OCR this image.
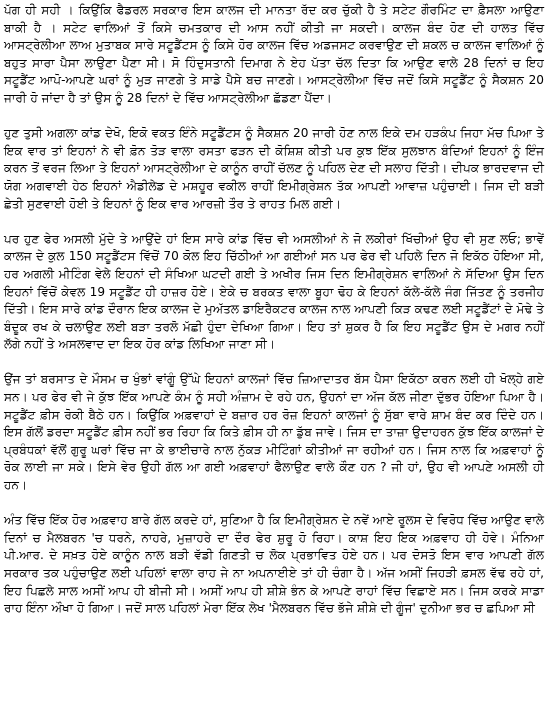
ਪੱਗ ਹੀ ਸਹੀ । ਕਿਉਂਕਿ ਫੈਡਰਲ ਸਰਕਾਰ ਇਸ ਕਾਲਜ ਦੀ ਮਾਨਤਾ ਰੱਦ ਕਰ ਚੁੱਕੀ ਹੈ ਤੇ ਸਟੇਟ ਗੌਰਮਿੰਟ ਦਾ ਫ਼ੈਸਲਾ ਆਉਣਾ ਬਾਕੀ ਹੈ । ਸਟੇਟ ਵਾਲਿਆਂ ਤੋਂ ਕਿਸੇ ਚਮਤਕਾਰ ਦੀ ਆਸ ਨਹੀਂ ਕੀਤੀ ਜਾ ਸਕਦੀ। ਕਾਲਜ ਬੰਦ ਹੋਣ ਦੀ ਹਾਲਤ ਵਿੱਚ ਆਸਟ੍ਰੇਲੀਆ ਲਾਅ ਮੁਤਾਬਕ ਸਾਰੇ ਸਟੂਡੈਂਟਸ ਨੂੰ ਕਿਸੇ ਹੋਰ ਕਾਲਜ ਵਿੱਚ ਅਡਜਸਟ ਕਰਵਾਉਣ ਦੀ ਸ਼ਕਲ ਚ ਕਾਲਜ ਵਾਲਿਆਂ ਨੂੰ ਬਹੁਤ ਸਾਰਾ ਪੈਸਾ ਲਾਉਣਾ ਪੈਣਾ ਸੀ। ਸੋ ਹਿੰਦੁਸਤਾਨੀ ਦਿਮਾਗ ਨੇ ਏਹ ਪੱਤਾ ਚੱਲ ਦਿਤਾ ਕਿ ਆਉਣ ਵਾਲੇ 28 ਦਿਨਾਂ ਚ ਇਹ ਸਟੂਡੈਂਟ ਆਪੋ-ਆਪਣੇ ਘਰਾਂ ਨੂੰ ਮੁੜ ਜਾਣਗੇ ਤੇ ਸਾਡੇ ਪੈਸੇ ਬਚ ਜਾਣਗੇ। ਆਸਟ੍ਰੇਲੀਆ ਵਿੱਚ ਜਦੋਂ ਕਿਸੇ ਸਟੂਡੈਂਟ ਨੂੰ ਸੈਕਸ਼ਨ 20 ਜਾਰੀ ਹੋ ਜਾਂਦਾ ਹੈ ਤਾਂ ਉਸ ਨੂੰ 28 ਦਿਨਾਂ ਦੇ ਵਿੱਚ ਆਸਟ੍ਰੇਲੀਆ ਛੱਡਣਾ ਪੈਂਦਾ।

ਹੁਣ ਤੁਸੀ ਅਗਲਾ ਕਾਂਡ ਦੇਖੋ, ਇਕੋ ਵਕਤ ਇੰਨੇ ਸਟੂਡੈਂਟਸ ਨੂੰ ਸੈਕਸ਼ਨ 20 ਜਾਰੀ ਹੋਣ ਨਾਲ ਇਕੇ ਦਮ ਹੜਕੰਪ ਜਿਹਾ ਮੱਚ ਪਿਆ ਤੇ ਇਕ ਵਾਰ ਤਾਂ ਇਹਨਾਂ ਨੇ ਵੀ ਫ਼ੋਨ ਤੋੜ ਵਾਲਾ ਰਸਤਾ ਫੜਨ ਦੀ ਕੋਸ਼ਿਸ਼ ਕੀਤੀ ਪਰ ਕੁਝ ਇੱਕ ਸੁਲਝਾਨ ਬੰਦਿਆਂ ਇਹਨਾਂ ਨੂੰ ਇੰਜ ਕਰਨ ਤੋਂ ਵਰਜ ਲਿਆ ਤੇ ਇਹਨਾਂ ਆਸਟ੍ਰੇਲੀਆ ਦੇ ਕਾਨੂੰਨ ਰਾਹੀਂ ਚੱਲਣ ਨੂੰ ਪਹਿਲ ਦੇਣ ਦੀ ਸਲਾਹ ਦਿੱਤੀ। ਦੀਪਕ ਭਾਰਦਵਾਜ ਦੀ ਯੋਗ ਅਗਵਾਈ ਹੇਠ ਇਹਨਾਂ ਐਡੀਲੇਡ ਦੇ ਮਸ਼ਹੂਰ ਵਕੀਲ ਰਾਹੀਂ ਇਮੀਗ੍ਰੇਸ਼ਨ ਤੱਕ ਆਪਣੀ ਆਵਾਜ਼ ਪਹੁੰਚਾਈ। ਜਿਸ ਦੀ ਬੜੀ ਛੇਤੀ ਸੁਣਵਾਈ ਹੋਈ ਤੇ ਇਹਨਾਂ ਨੂੰ ਇਕ ਵਾਰ ਆਰਜ਼ੀ ਤੌਰ ਤੇ ਰਾਹਤ ਮਿਲ ਗਈ।

ਪਰ ਹੁਣ ਫੇਰ ਅਸਲੀ ਮੁੱਦੇ ਤੇ ਆਉਂਦੇ ਹਾਂ ਇਸ ਸਾਰੇ ਕਾਂਡ ਵਿੱਚ ਵੀ ਅਸਲੀਆਂ ਨੇ ਜੋ ਲਕੀਰਾਂ ਖਿੱਚੀਆਂ ਉਹ ਵੀ ਸੁਣ ਲਓ; ਭਾਵੇਂ ਕਾਲਜ ਦੇ ਕੁਲ 150 ਸਟੂਡੈਂਟਸ ਵਿੱਚੋਂ 70 ਕੋਲ ਇਹ ਚਿੱਠੀਆਂ ਆ ਗਈਆਂ ਸਨ ਪਰ ਫੇਰ ਵੀ ਪਹਿਲੇ ਦਿਨ ਜੋ ਇਕੱਠ ਹੋਇਆ ਸੀ, ਹਰ ਅਗਲੀ ਮੀਟਿੰਗ ਵੇਲੇ ਇਹਨਾਂ ਦੀ ਸੰਖਿਆ ਘਟਦੀ ਗਈ ਤੇ ਅਖੀਰ ਜਿਸ ਦਿਨ ਇਮੀਗ੍ਰੇਸ਼ਨ ਵਾਲਿਆਂ ਨੇ ਸੱਦਿਆ ਉਸ ਦਿਨ ਇਹਨਾਂ ਵਿੱਚੋਂ ਕੇਵਲ 19 ਸਟੂਡੈਂਟ ਹੀ ਹਾਜ਼ਰ ਹੋਏ। ਏਕੇ ਚ ਬਰਕਤ ਵਾਲਾ ਬੂਹਾ ਢੋਹ ਕੇ ਇਹਨਾਂ ਕੱਲੇ-ਕੱਲੇ ਜੰਗ ਜਿੱਤਣ ਨੂੰ ਤਰਜੀਹ ਦਿੱਤੀ। ਇਸ ਸਾਰੇ ਕਾਂਡ ਦੌਰਾਨ ਇਕ ਕਾਲਜ ਦੇ ਮੁਅੱਤਲ ਡਾਇਰੈਕਟਰ ਕਾਲਜ ਨਾਲ ਆਪਣੀ ਕਿੜ ਕਢਣ ਲਈ ਸਟੂਡੈਂਟਾਂ ਦੇ ਮੋਢੇ ਤੇ ਬੰਦੂਕ ਰਖ ਕੇ ਚਲਾਉਣ ਲਈ ਬੜਾ ਤਰਲੋ ਮੱਛੀ ਹੁੰਦਾ ਦੇਖਿਆ ਗਿਆ। ਇਹ ਤਾਂ ਸ਼ੁਕਰ ਹੈ ਕਿ ਇਹ ਸਟੂਡੈਂਟ ਉਸ ਦੇ ਮਗਰ ਨਹੀਂ ਲੱਗੇ ਨਹੀਂ ਤੇ ਅਸਲਵਾਦ ਦਾ ਇਕ ਹੋਰ ਕਾਂਡ ਲਿਖਿਆ ਜਾਣਾ ਸੀ।

ਉਂਜ ਤਾਂ ਬਰਸਾਤ ਦੇ ਮੌਸਮ ਚ ਖੁੰਭਾਂ ਵਾਂਗੂੰ ਉੱਘੇ ਇਹਨਾਂ ਕਾਲਜਾਂ ਵਿੱਚ ਜ਼ਿਆਦਾਤਰ ਬੱਸ ਪੈਸਾ ਇਕੱਠਾ ਕਰਨ ਲਈ ਹੀ ਖੋਲ੍ਹੇ ਗਏ ਸਨ। ਪਰ ਫੇਰ ਵੀ ਜੇ ਕੁੱਝ ਇੱਕ ਆਪਣੇ ਕੰਮ ਨੂੰ ਸਹੀ ਅੰਜ਼ਾਮ ਦੇ ਰਹੇ ਹਨ, ਉਹਨਾਂ ਦਾ ਅੱਜ ਕੱਲ ਜੀਣਾ ਦੁੱਭਰ ਹੋਇਆ ਪਿਆ ਹੈ। ਸਟੂਡੈਂਟ ਫ਼ੀਸ ਰੋਕੀ ਬੈਠੇ ਹਨ। ਕਿਉਂਕਿ ਅਫ਼ਵਾਹਾਂ ਦੇ ਬਜ਼ਾਰ ਹਰ ਰੋਜ਼ ਇਹਨਾਂ ਕਾਲਜਾਂ ਨੂੰ ਸੁੱਬਾ ਵਾਰੇ ਸ਼ਾਮ ਬੰਦ ਕਰ ਦਿੰਦੇ ਹਨ। ਇਸ ਗੱਲੋਂ ਡਰਦਾ ਸਟੂਡੈਂਟ ਫ਼ੀਸ ਨਹੀਂ ਭਰ ਰਿਹਾ ਕਿ ਕਿਤੇ ਫ਼ੀਸ ਹੀ ਨਾ ਡੁੱਬ ਜਾਵੇ। ਜਿਸ ਦਾ ਤਾਜ਼ਾ ਉਦਾਹਰਨ ਕੁੱਝ ਇੱਕ ਕਾਲਜਾਂ ਦੇ ਪ੍ਰਬੰਧਕਾਂ ਵੱਲੋਂ ਗੁਰੂ ਘਰਾਂ ਵਿੱਚ ਜਾ ਕੇ ਭਾਈਚਾਰੇ ਨਾਲ ਨੁੱਕੜ ਮੀਟਿੰਗਾਂ ਕੀਤੀਆਂ ਜਾ ਰਹੀਆਂ ਹਨ। ਜਿਸ ਨਾਲ ਕਿ ਅਫ਼ਵਾਹਾਂ ਨੂੰ ਰੋਕ ਲਾਈ ਜਾ ਸਕੇ। ਇਸੇ ਵੇਰ ਉਹੀ ਗੱਲ ਆ ਗਈ ਅਫ਼ਵਾਹਾਂ ਫੈਲਾਉਣ ਵਾਲੇ ਕੌਣ ਹਨ ? ਜੀ ਹਾਂ, ਉਹ ਵੀ ਆਪਣੇ ਅਸਲੀ ਹੀ ਹਨ।

ਅੰਤ ਵਿੱਚ ਇੱਕ ਹੋਰ ਅਫ਼ਵਾਹ ਬਾਰੇ ਗੱਲ ਕਰਦੇ ਹਾਂ, ਸੁਣਿਆ ਹੈ ਕਿ ਇਮੀਗ੍ਰੇਸ਼ਨ ਦੇ ਨਵੇਂ ਆਏ ਰੂਲਸ ਦੇ ਵਿਰੋਧ ਵਿੱਚ ਆਉਣ ਵਾਲੇ ਦਿਨਾਂ ਚ ਮੈਲਬਰਨ 'ਚ ਧਰਨੇ, ਨਾਹਰੇ, ਮੁਜ਼ਾਹਰੇ ਦਾ ਦੌਰ ਫੇਰ ਸ਼ੁਰੂ ਹੋ ਰਿਹਾ। ਕਾਸ਼ ਇਹ ਇਕ ਅਫ਼ਵਾਹ ਹੀ ਹੋਵੇ। ਮੰਨਿਆ ਪੀ.ਆਰ. ਦੇ ਸਖ਼ਤ ਹੋਏ ਕਾਨੂੰਨ ਨਾਲ ਬੜੀ ਵੱਡੀ ਗਿਣਤੀ ਚ ਲੋਕ ਪ੍ਰਭਾਵਿਤ ਹੋਏ ਹਨ। ਪਰ ਦੋਸਤੋ ਇਸ ਵਾਰ ਆਪਣੀ ਗੱਲ ਸਰਕਾਰ ਤਕ ਪਹੁੰਚਾਉਣ ਲਈ ਪਹਿਲਾਂ ਵਾਲਾ ਰਾਹ ਜੇ ਨਾ ਅਪਨਾਈਏ ਤਾਂ ਹੀ ਚੰਗਾ ਹੈ। ਅੱਜ ਅਸੀਂ ਜਿਹੜੀ ਫ਼ਸਲ ਵੱਢ ਰਹੇ ਹਾਂ, ਇਹ ਪਿਛਲੇ ਸਾਲ ਅਸੀਂ ਆਪ ਹੀ ਬੀਜੀ ਸੀ। ਅਸੀਂ ਆਪ ਹੀ ਸ਼ੀਸ਼ੇ ਭੰਨ ਕੇ ਆਪਣੇ ਰਾਹਾਂ ਵਿੱਚ ਵਿਛਾਏ ਸਨ। ਜਿਸ ਕਰਕੇ ਸਾਡਾ ਰਾਹ ਇੰਨਾ ਔਖਾ ਹੋ ਗਿਆ। ਜਦੋਂ ਸਾਲ ਪਹਿਲਾਂ ਮੇਰਾ ਇੱਕ ਲੇਖ 'ਮੈਲਬਰਨ ਵਿੱਚ ਭੱਜੇ ਸ਼ੀਸ਼ੇ ਦੀ ਗੂੰਜ' ਦੁਨੀਆ ਭਰ ਚ ਛਪਿਆ ਸੀ
